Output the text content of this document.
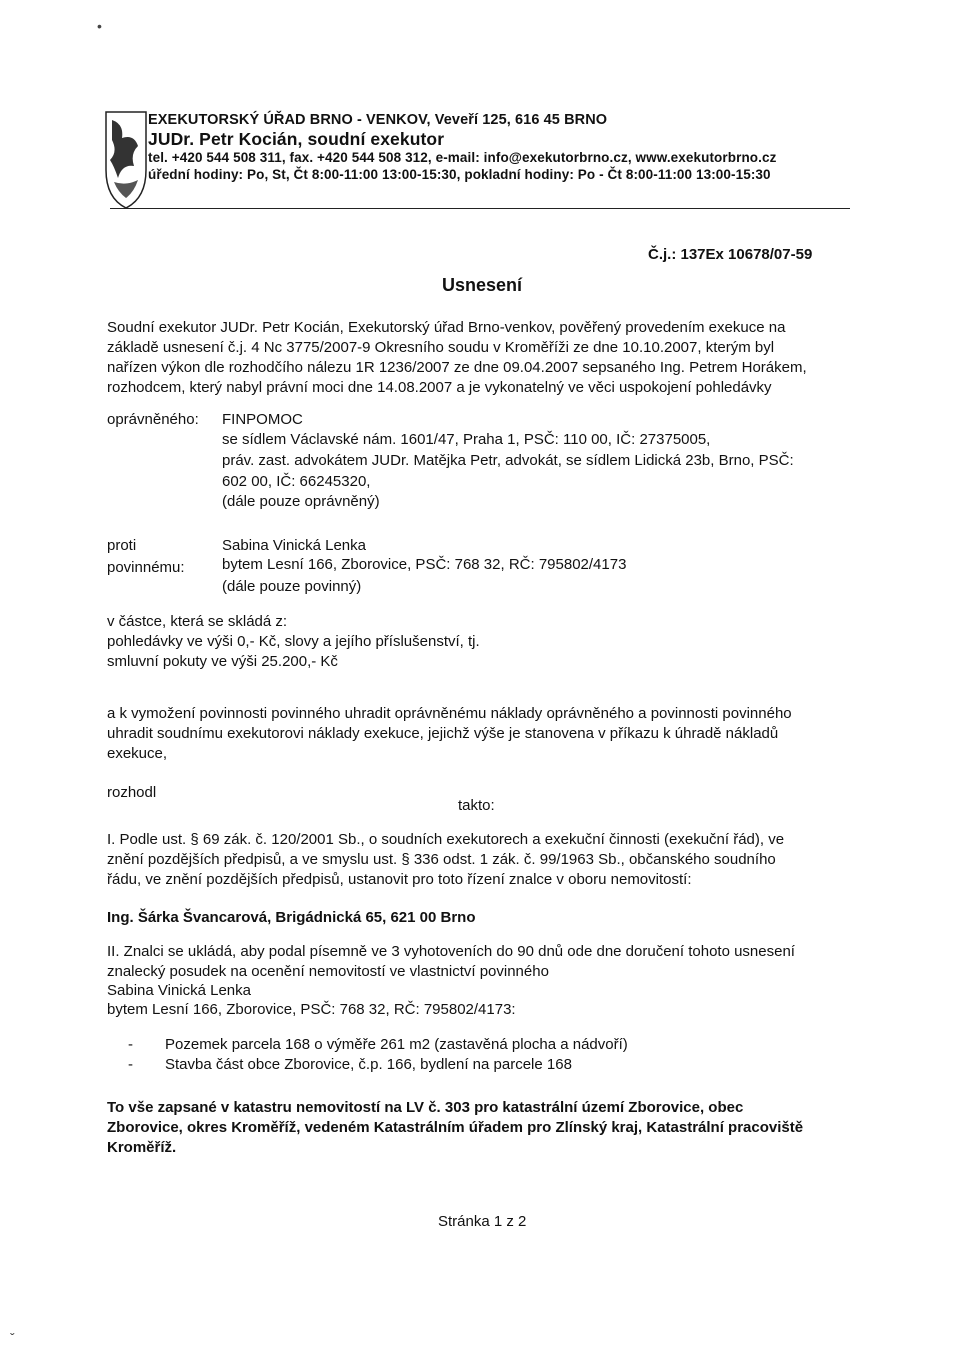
EXEKUTORSKÝ ÚŘAD BRNO - VENKOV, Veveří 125, 616 45 BRNO
JUDr. Petr Kocián, soudní exekutor
tel. +420 544 508 311, fax. +420 544 508 312, e-mail: info@exekutorbrno.cz, www.exekutorbrno.cz
úřední hodiny: Po, St, Čt 8:00-11:00 13:00-15:30, pokladní hodiny: Po - Čt 8:00-11:00 13:00-15:30
Č.j.: 137Ex 10678/07-59
Usnesení
Soudní exekutor JUDr. Petr Kocián, Exekutorský úřad Brno-venkov, pověřený provedením exekuce na
základě usnesení č.j. 4 Nc 3775/2007-9 Okresního soudu v Kroměříži ze dne 10.10.2007, kterým byl
nařízen výkon dle rozhodčího nálezu 1R 1236/2007 ze dne 09.04.2007 sepsaného Ing. Petrem Horákem,
rozhodcem, který nabyl právní moci dne 14.08.2007 a je vykonatelný ve věci uspokojení pohledávky
oprávněného: FINPOMOC
se sídlem Václavské nám. 1601/47, Praha 1, PSČ: 110 00, IČ: 27375005,
práv. zast. advokátem JUDr. Matějka Petr, advokát, se sídlem Lidická 23b, Brno, PSČ:
602 00, IČ: 66245320,
(dále pouze oprávněný)
proti	Sabina Vinická Lenka
povinnému: bytem Lesní 166, Zborovice, PSČ: 768 32, RČ: 795802/4173
(dále pouze povinný)
v částce, která se skládá z:
pohledávky ve výši 0,- Kč, slovy a jejího příslušenství, tj.
smluvní pokuty ve výši 25.200,- Kč
a k vymožení povinnosti povinného uhradit oprávněnému náklady oprávněného a povinnosti povinného
uhradit soudnímu exekutorovi náklady exekuce, jejichž výše je stanovena v příkazu k úhradě nákladů
exekuce,
rozhodl
takto:
I. Podle ust. § 69 zák. č. 120/2001 Sb., o soudních exekutorech a exekuční činnosti (exekuční řád), ve
znění pozdějších předpisů, a ve smyslu ust. § 336 odst. 1 zák. č. 99/1963 Sb., občanského soudního
řádu, ve znění pozdějších předpisů, ustanovit pro toto řízení znalce v oboru nemovitostí:
Ing. Šárka Švancarová, Brigádnická 65, 621 00 Brno
II. Znalci se ukládá, aby podal písemně ve 3 vyhotoveních do 90 dnů ode dne doručení tohoto usnesení
znalecký posudek na ocenění nemovitostí ve vlastnictví povinného
Sabina Vinická Lenka
bytem Lesní 166, Zborovice, PSČ: 768 32, RČ: 795802/4173:
- Pozemek parcela 168 o výměře 261 m2 (zastavěná plocha a nádvoří)
- Stavba část obce Zborovice, č.p. 166, bydlení na parcele 168
To vše zapsané v katastru nemovitostí na LV č. 303 pro katastrální území Zborovice, obec
Zborovice, okres Kroměříž, vedeném Katastrálním úřadem pro Zlínský kraj, Katastrální pracoviště
Kroměříž.
Stránka 1 z 2
•
ˇ
